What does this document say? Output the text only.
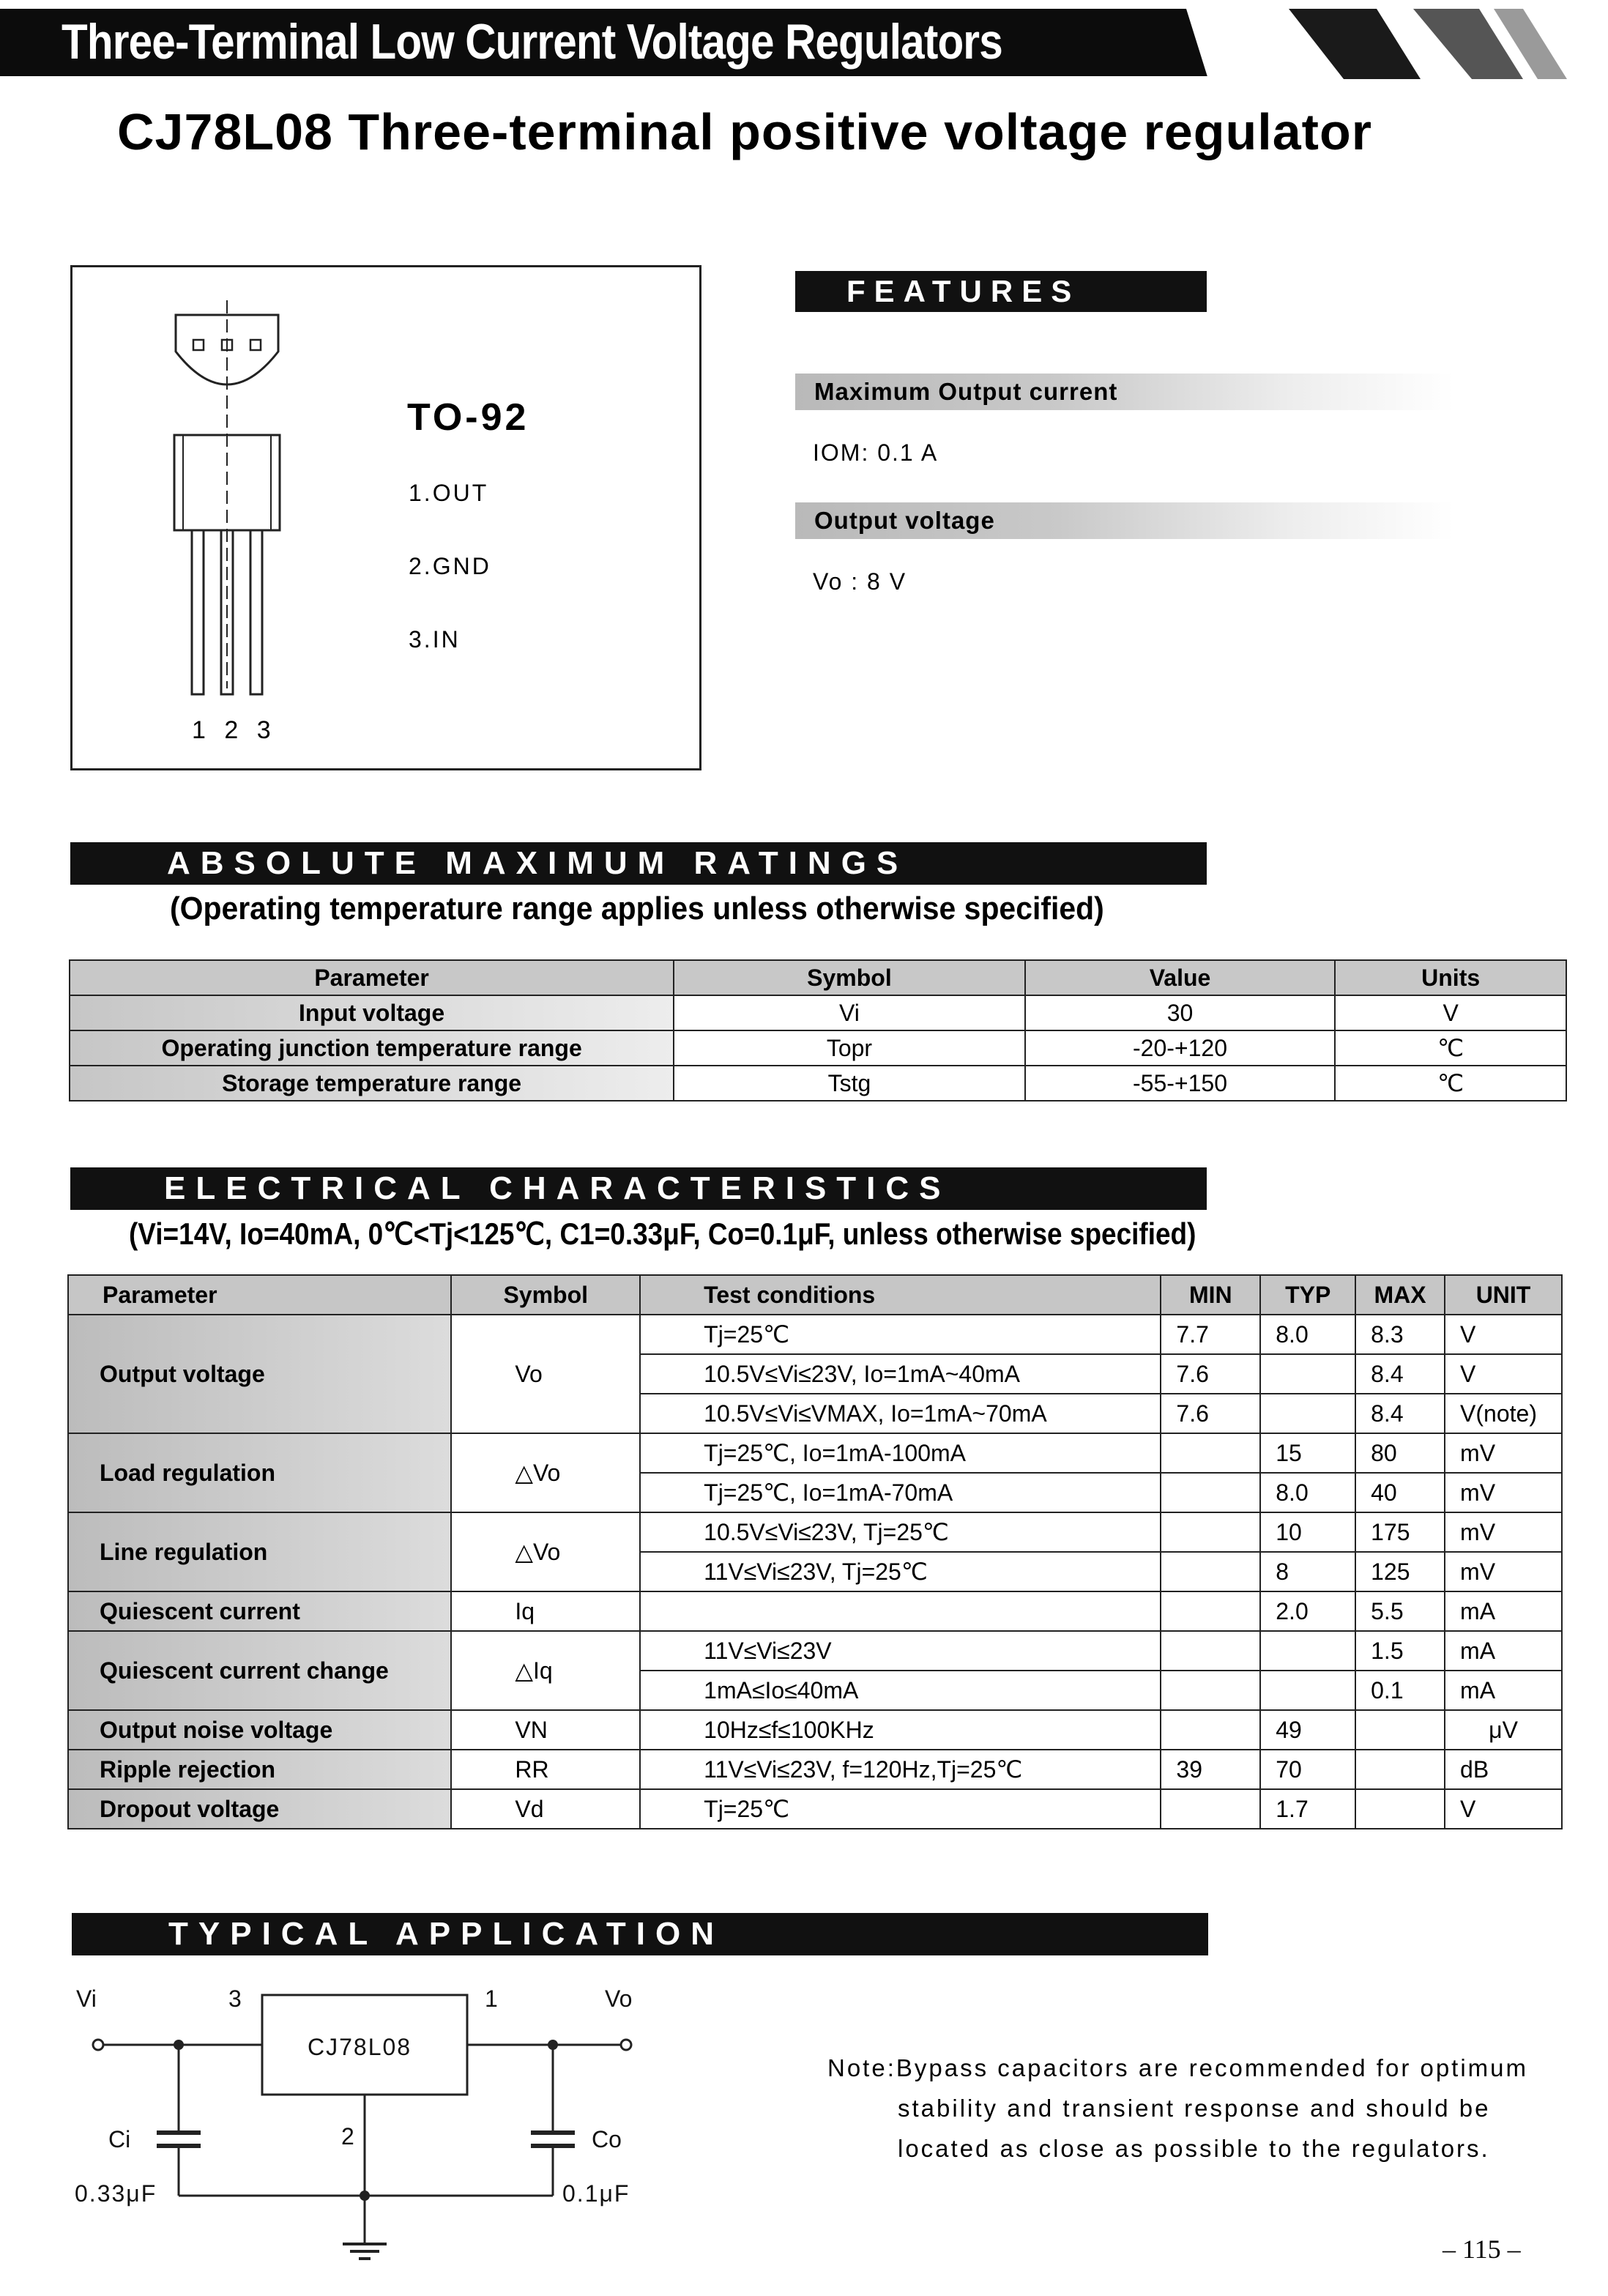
Three-Terminal Low Current Voltage Regulators
CJ78L08 Three-terminal positive voltage regulator
1 2 3
TO-92
1.OUT
2.GND
3.IN
FEATURES
Maximum Output current
IOM: 0.1 A
Output voltage
Vo : 8 V
ABSOLUTE MAXIMUM RATINGS
(Operating temperature range applies unless otherwise specified)
Parameter	Symbol	Value	Units
Input voltage	Vi	30	V
Operating junction temperature range	Topr	-20-+120	℃
Storage temperature range	Tstg	-55-+150	℃
ELECTRICAL CHARACTERISTICS
(Vi=14V, Io=40mA, 0℃<Tj<125℃, C1=0.33μF, Co=0.1μF, unless otherwise specified)
Parameter	Symbol	Test conditions	MIN	TYP	MAX	UNIT
Output voltage	Vo	Tj=25℃	7.7	8.0	8.3	V
		10.5V≤Vi≤23V, Io=1mA~40mA	7.6		8.4	V
		10.5V≤Vi≤VMAX, Io=1mA~70mA	7.6		8.4	V(note)
Load regulation	△Vo	Tj=25℃, Io=1mA-100mA		15	80	mV
		Tj=25℃, Io=1mA-70mA		8.0	40	mV
Line regulation	△Vo	10.5V≤Vi≤23V, Tj=25℃		10	175	mV
		11V≤Vi≤23V, Tj=25℃		8	125	mV
Quiescent current	Iq			2.0	5.5	mA
Quiescent current change	△Iq	11V≤Vi≤23V			1.5	mA
		1mA≤Io≤40mA			0.1	mA
Output noise voltage	VN	10Hz≤f≤100KHz		49		μV
Ripple rejection	RR	11V≤Vi≤23V, f=120Hz,Tj=25℃	39	70		dB
Dropout voltage	Vd	Tj=25℃		1.7		V
TYPICAL APPLICATION
Vi	3	1	Vo
CJ78L08
2
Ci	Co
0.33μF	0.1μF
Note:Bypass capacitors are recommended for optimum
stability and transient response and should be
located as close as possible to the regulators.
– 115 –
